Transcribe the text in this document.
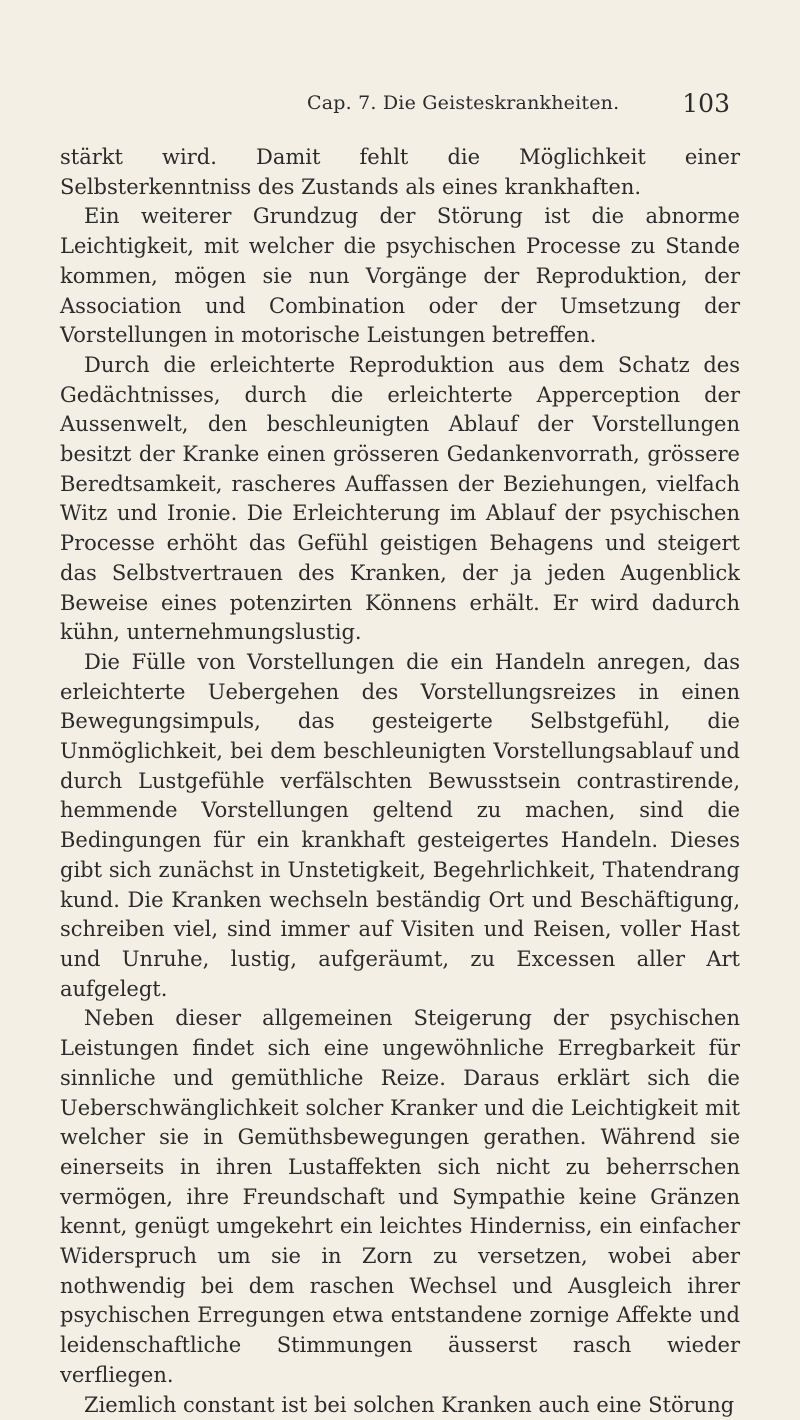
Cap. 7. Die Geisteskrankheiten.	103

stärkt wird. Damit fehlt die Möglichkeit einer Selbsterkenntniss des Zustands als eines krankhaften.

Ein weiterer Grundzug der Störung ist die abnorme Leichtigkeit, mit welcher die psychischen Processe zu Stande kommen, mögen sie nun Vorgänge der Reproduktion, der Association und Combination oder der Umsetzung der Vorstellungen in motorische Leistungen betreffen.

Durch die erleichterte Reproduktion aus dem Schatz des Gedächtnisses, durch die erleichterte Apperception der Aussenwelt, den beschleunigten Ablauf der Vorstellungen besitzt der Kranke einen grösseren Gedankenvorrath, grössere Beredtsamkeit, rascheres Auffassen der Beziehungen, vielfach Witz und Ironie. Die Erleichterung im Ablauf der psychischen Processe erhöht das Gefühl geistigen Behagens und steigert das Selbstvertrauen des Kranken, der ja jeden Augenblick Beweise eines potenzirten Könnens erhält. Er wird dadurch kühn, unternehmungslustig.

Die Fülle von Vorstellungen die ein Handeln anregen, das erleichterte Uebergehen des Vorstellungsreizes in einen Bewegungsimpuls, das gesteigerte Selbstgefühl, die Unmöglichkeit, bei dem beschleunigten Vorstellungsablauf und durch Lustgefühle verfälschten Bewusstsein contrastirende, hemmende Vorstellungen geltend zu machen, sind die Bedingungen für ein krankhaft gesteigertes Handeln. Dieses gibt sich zunächst in Unstetigkeit, Begehrlichkeit, Thatendrang kund. Die Kranken wechseln beständig Ort und Beschäftigung, schreiben viel, sind immer auf Visiten und Reisen, voller Hast und Unruhe, lustig, aufgeräumt, zu Excessen aller Art aufgelegt.

Neben dieser allgemeinen Steigerung der psychischen Leistungen findet sich eine ungewöhnliche Erregbarkeit für sinnliche und gemüthliche Reize. Daraus erklärt sich die Ueberschwänglichkeit solcher Kranker und die Leichtigkeit mit welcher sie in Gemüthsbewegungen gerathen. Während sie einerseits in ihren Lustaffekten sich nicht zu beherrschen vermögen, ihre Freundschaft und Sympathie keine Gränzen kennt, genügt umgekehrt ein leichtes Hinderniss, ein einfacher Widerspruch um sie in Zorn zu versetzen, wobei aber nothwendig bei dem raschen Wechsel und Ausgleich ihrer psychischen Erregungen etwa entstandene zornige Affekte und leidenschaftliche Stimmungen äusserst rasch wieder verfliegen.

Ziemlich constant ist bei solchen Kranken auch eine Störung
